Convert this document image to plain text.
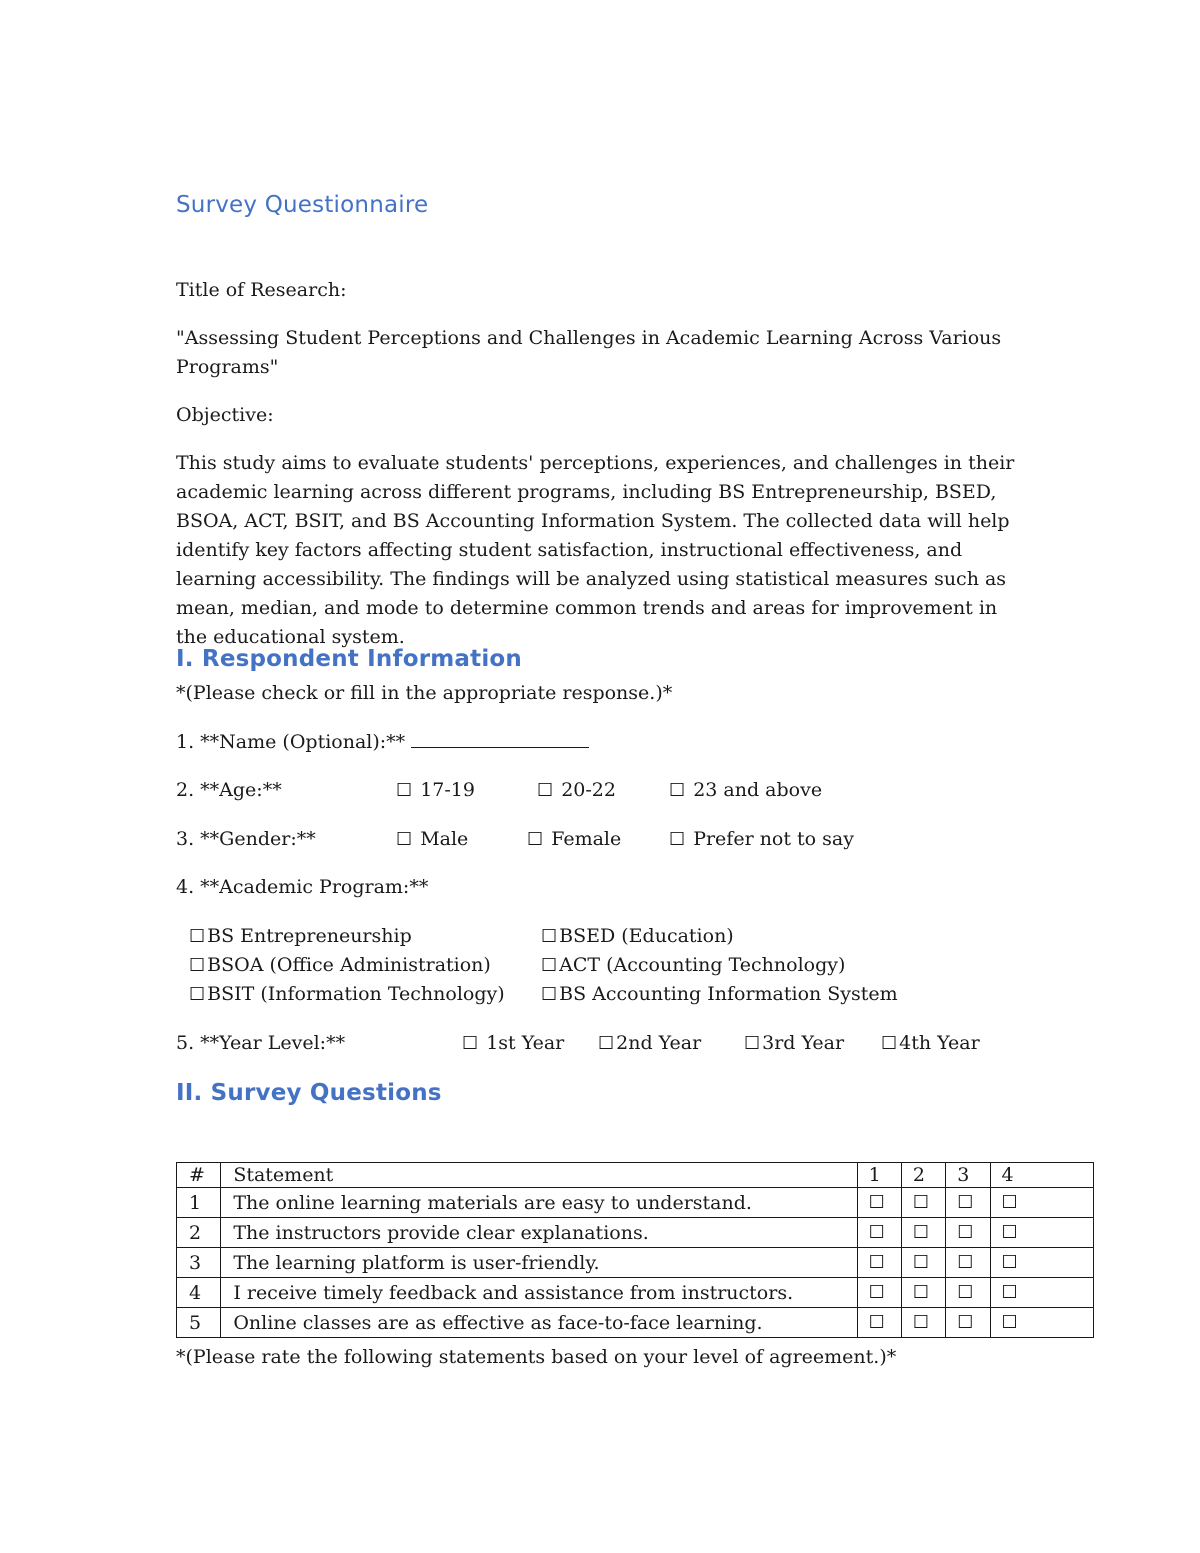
Survey Questionnaire
Title of Research:
"Assessing Student Perceptions and Challenges in Academic Learning Across Various
Programs"
Objective:
This study aims to evaluate students' perceptions, experiences, and challenges in their academic learning across different programs, including BS Entrepreneurship, BSED, BSOA, ACT, BSIT, and BS Accounting Information System. The collected data will help identify key factors affecting student satisfaction, instructional effectiveness, and learning accessibility. The findings will be analyzed using statistical measures such as mean, median, and mode to determine common trends and areas for improvement in the educational system.
I. Respondent Information
*(Please check or fill in the appropriate response.)*
1. **Name (Optional):**
2. **Age:**	☐ 17-19	☐ 20-22	☐ 23 and above
3. **Gender:**	☐ Male	☐ Female	☐ Prefer not to say
4. **Academic Program:**
☐ BS Entrepreneurship	☐ BSED (Education)
☐ BSOA (Office Administration)	☐ ACT (Accounting Technology)
☐ BSIT (Information Technology) ☐ BS Accounting Information System
5. **Year Level:**	☐ 1st Year ☐ 2nd Year ☐ 3rd Year ☐ 4th Year
II. Survey Questions
#	Statement	1	2	3	4
1	The online learning materials are easy to understand.	☐	☐	☐	☐
2	The instructors provide clear explanations.	☐	☐	☐	☐
3	The learning platform is user-friendly.	☐	☐	☐	☐
4	I receive timely feedback and assistance from instructors.	☐	☐	☐	☐
5	Online classes are as effective as face-to-face learning.	☐	☐	☐	☐
*(Please rate the following statements based on your level of agreement.)*
